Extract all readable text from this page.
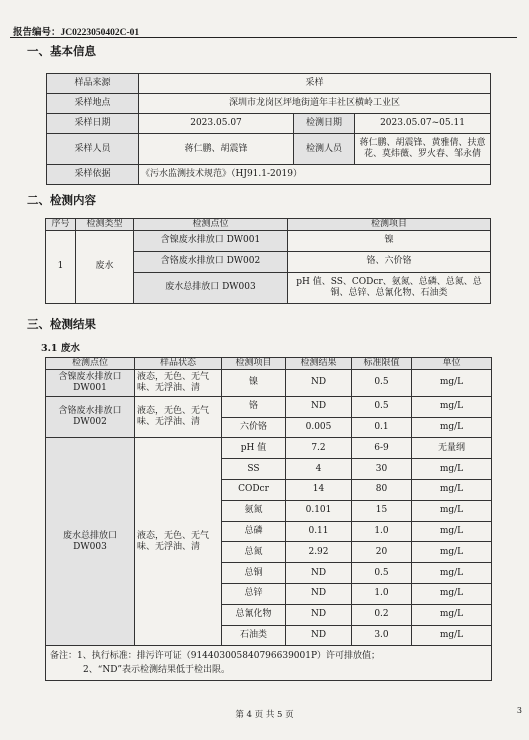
报告编号：JC0223050402C-01
一、基本信息
样品来源	采样		
采样地点	深圳市龙岗区坪地街道年丰社区横岭工业区		
采样日期	2023.05.07	检测日期	2023.05.07~05.11
采样人员	蒋仁鹏、胡震锋	检测人员	蒋仁鹏、胡震锋、黄雅倩、扶意花、莫炜薇、罗火春、邹永倩
采样依据	《污水监测技术规范》（HJ91.1-2019）		
二、检测内容
序号	检测类型	检测点位	检测项目
1	废水	含镍废水排放口 DW001	镍
		含铬废水排放口 DW002	铬、六价铬
		废水总排放口 DW003	pH 值、SS、CODcr、氨氮、总磷、总氮、总铜、总锌、总氰化物、石油类
三、检测结果
3.1 废水
检测点位	样品状态	检测项目	检测结果	标准限值	单位
含镍废水排放口 DW001	液态，无色、无气味、无浮油、清	镍	ND	0.5	mg/L
含铬废水排放口 DW002	液态，无色、无气味、无浮油、清	铬	ND	0.5	mg/L
		六价铬	0.005	0.1	mg/L
废水总排放口 DW003	液态，无色、无气味、无浮油、清	pH 值	7.2	6-9	无量纲
		SS	4	30	mg/L
		CODcr	14	80	mg/L
		氨氮	0.101	15	mg/L
		总磷	0.11	1.0	mg/L
		总氮	2.92	20	mg/L
		总铜	ND	0.5	mg/L
		总锌	ND	1.0	mg/L
		总氰化物	ND	0.2	mg/L
		石油类	ND	3.0	mg/L

备注：1、执行标准：排污许可证（91440300584079663900​1P）许可排放值；
2、“ND”表示检测结果低于检出限。					
第 4 页 共 5 页	3
